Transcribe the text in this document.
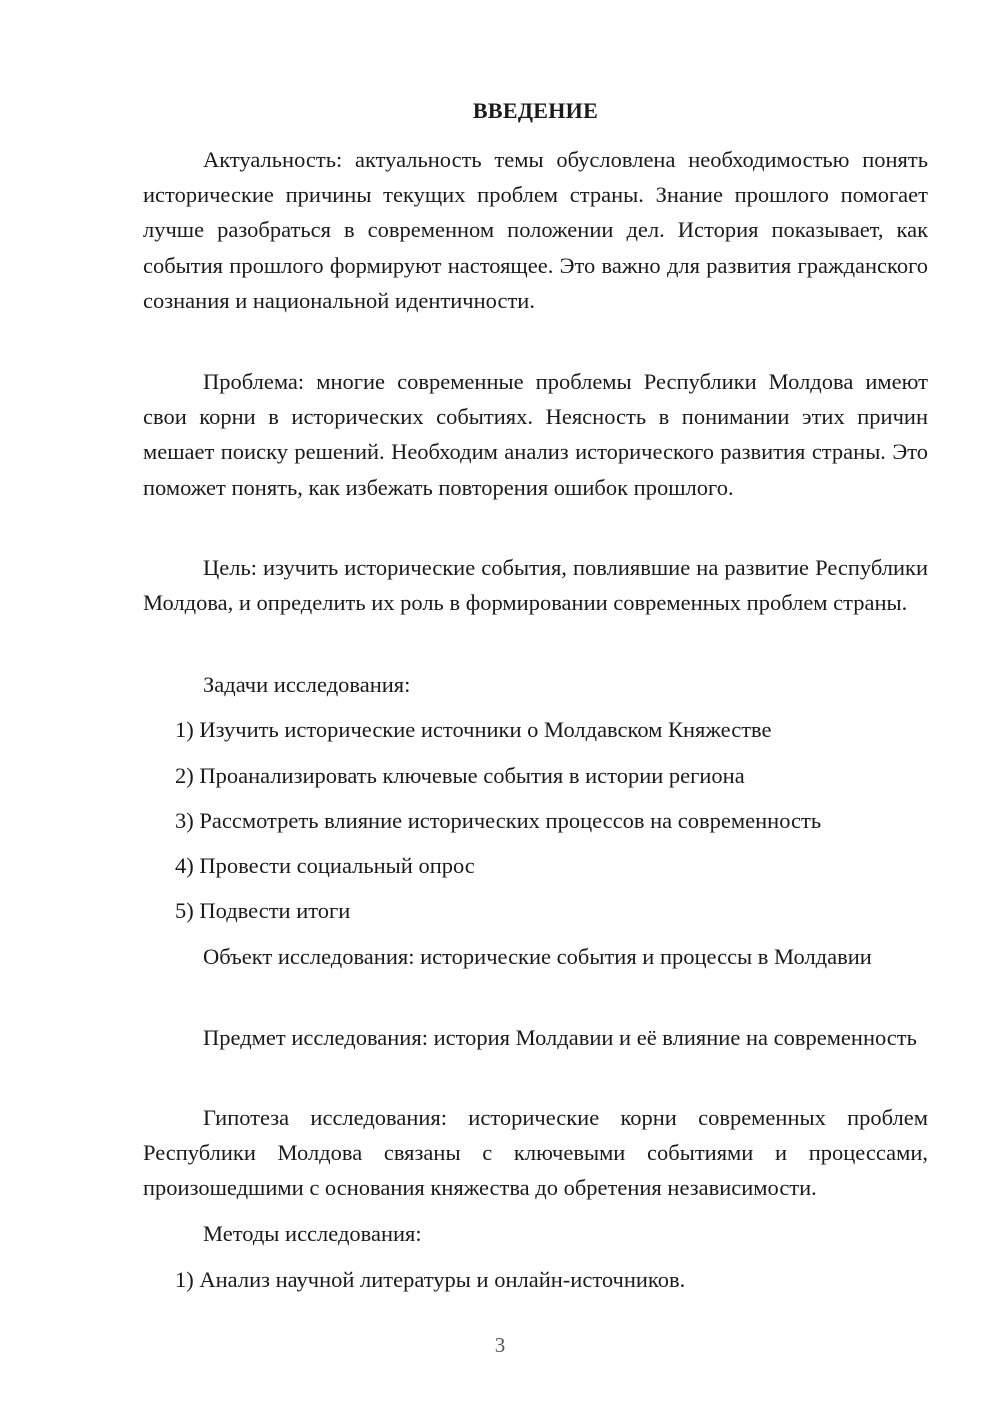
ВВЕДЕНИЕ

Актуальность: актуальность темы обусловлена необходимостью понять исторические причины текущих проблем страны. Знание прошлого помогает лучше разобраться в современном положении дел. История показывает, как события прошлого формируют настоящее. Это важно для развития гражданского сознания и национальной идентичности.

Проблема: многие современные проблемы Республики Молдова имеют свои корни в исторических событиях. Неясность в понимании этих причин мешает поиску решений. Необходим анализ исторического развития страны. Это поможет понять, как избежать повторения ошибок прошлого.

Цель: изучить исторические события, повлиявшие на развитие Республики Молдова, и определить их роль в формировании современных проблем страны.

Задачи исследования:

1) Изучить исторические источники о Молдавском Княжестве

2) Проанализировать ключевые события в истории региона

3) Рассмотреть влияние исторических процессов на современность

4) Провести социальный опрос

5) Подвести итоги

Объект исследования: исторические события и процессы в Молдавии

Предмет исследования: история Молдавии и её влияние на современность

Гипотеза исследования: исторические корни современных проблем Республики Молдова связаны с ключевыми событиями и процессами, произошедшими с основания княжества до обретения независимости.

Методы исследования:

1) Анализ научной литературы и онлайн-источников.

3
